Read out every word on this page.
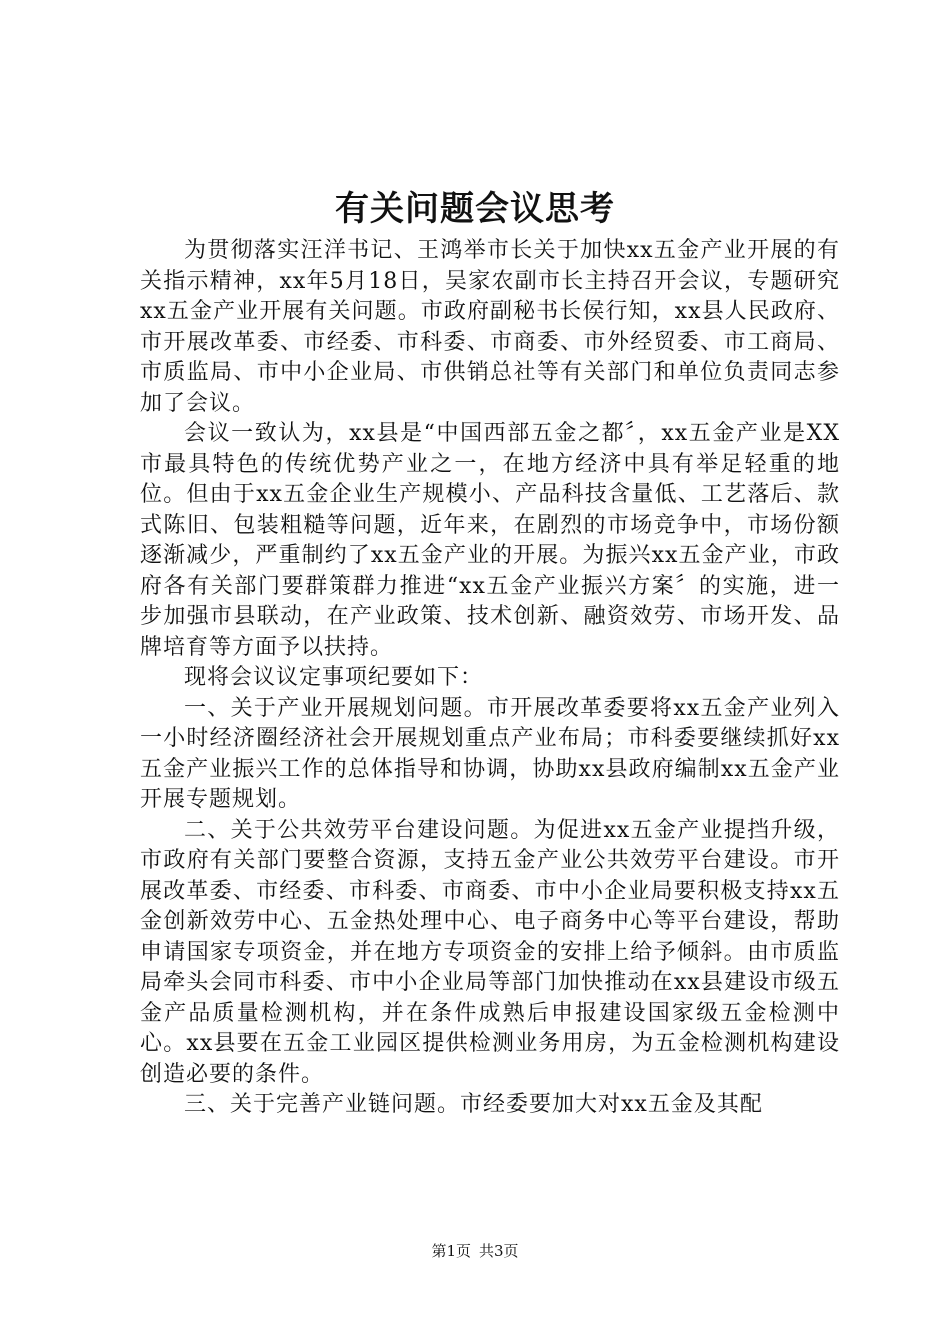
有关问题会议思考

为贯彻落实汪洋书记、王鸿举市长关于加快xx五金产业开展的有关指示精神，xx年5月18日，吴家农副市长主持召开会议，专题研究xx五金产业开展有关问题。市政府副秘书长侯行知，xx县人民政府、市开展改革委、市经委、市科委、市商委、市外经贸委、市工商局、市质监局、市中小企业局、市供销总社等有关部门和单位负责同志参加了会议。

会议一致认为，xx县是“中国西部五金之都〞，xx五金产业是XX市最具特色的传统优势产业之一，在地方经济中具有举足轻重的地位。但由于xx五金企业生产规模小、产品科技含量低、工艺落后、款式陈旧、包装粗糙等问题，近年来，在剧烈的市场竞争中，市场份额逐渐减少，严重制约了xx五金产业的开展。为振兴xx五金产业，市政府各有关部门要群策群力推进“xx五金产业振兴方案〞的实施，进一步加强市县联动，在产业政策、技术创新、融资效劳、市场开发、品牌培育等方面予以扶持。

现将会议议定事项纪要如下：

一、关于产业开展规划问题。市开展改革委要将xx五金产业列入一小时经济圈经济社会开展规划重点产业布局；市科委要继续抓好xx五金产业振兴工作的总体指导和协调，协助xx县政府编制xx五金产业开展专题规划。

二、关于公共效劳平台建设问题。为促进xx五金产业提挡升级，市政府有关部门要整合资源，支持五金产业公共效劳平台建设。市开展改革委、市经委、市科委、市商委、市中小企业局要积极支持xx五金创新效劳中心、五金热处理中心、电子商务中心等平台建设，帮助申请国家专项资金，并在地方专项资金的安排上给予倾斜。由市质监局牵头会同市科委、市中小企业局等部门加快推动在xx县建设市级五金产品质量检测机构，并在条件成熟后申报建设国家级五金检测中心。xx县要在五金工业园区提供检测业务用房，为五金检测机构建设创造必要的条件。

三、关于完善产业链问题。市经委要加大对xx五金及其配

第1页 共3页
